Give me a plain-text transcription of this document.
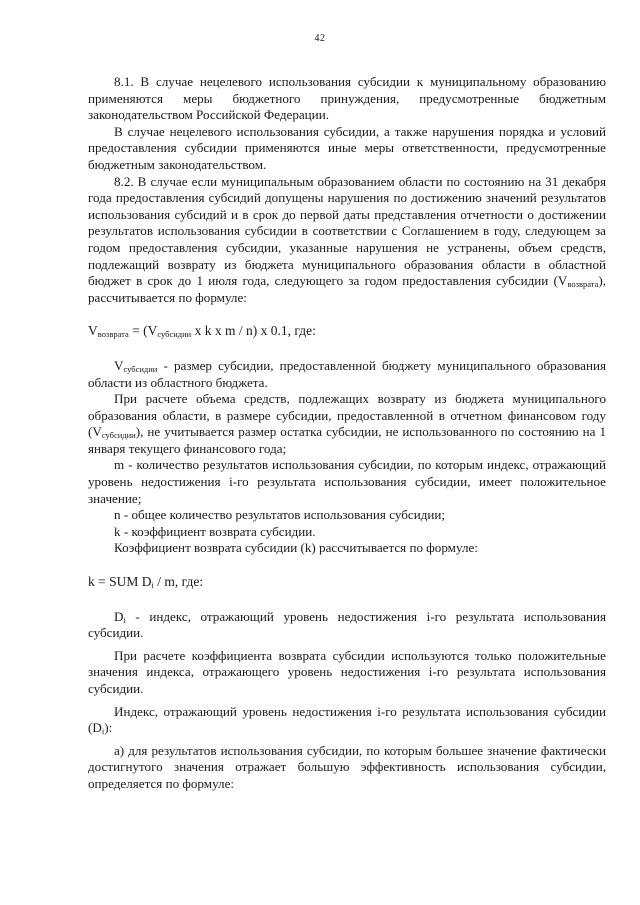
42

8.1. В случае нецелевого использования субсидии к муниципальному образованию применяются меры бюджетного принуждения, предусмотренные бюджетным законодательством Российской Федерации.

В случае нецелевого использования субсидии, а также нарушения порядка и условий предоставления субсидии применяются иные меры ответственности, предусмотренные бюджетным законодательством.

8.2. В случае если муниципальным образованием области по состоянию на 31 декабря года предоставления субсидий допущены нарушения по достижению значений результатов использования субсидий и в срок до первой даты представления отчетности о достижении результатов использования субсидии в соответствии с Соглашением в году, следующем за годом предоставления субсидии, указанные нарушения не устранены, объем средств, подлежащий возврату из бюджета муниципального образования области в областной бюджет в срок до 1 июля года, следующего за годом предоставления субсидии $(V_{возврата})$, рассчитывается по формуле:

$V_{возврата} = (V_{субсидии}$ x k x m / n) x 0.1, где:

$V_{субсидии}$ - размер субсидии, предоставленной бюджету муниципального образования области из областного бюджета.

При расчете объема средств, подлежащих возврату из бюджета муниципального образования области, в размере субсидии, предоставленной в отчетном финансовом году $(V_{субсидии})$, не учитывается размер остатка субсидии, не использованного по состоянию на 1 января текущего финансового года;

m - количество результатов использования субсидии, по которым индекс, отражающий уровень недостижения i-го результата использования субсидии, имеет положительное значение;

n - общее количество результатов использования субсидии;

k - коэффициент возврата субсидии.

Коэффициент возврата субсидии (k) рассчитывается по формуле:

k = SUM $D_i$ / m, где:

$D_i$ - индекс, отражающий уровень недостижения i-го результата использования субсидии.

При расчете коэффициента возврата субсидии используются только положительные значения индекса, отражающего уровень недостижения i-го результата использования субсидии.

Индекс, отражающий уровень недостижения i-го результата использования субсидии $(D_i)$:

а) для результатов использования субсидии, по которым большее значение фактически достигнутого значения отражает большую эффективность использования субсидии, определяется по формуле:
